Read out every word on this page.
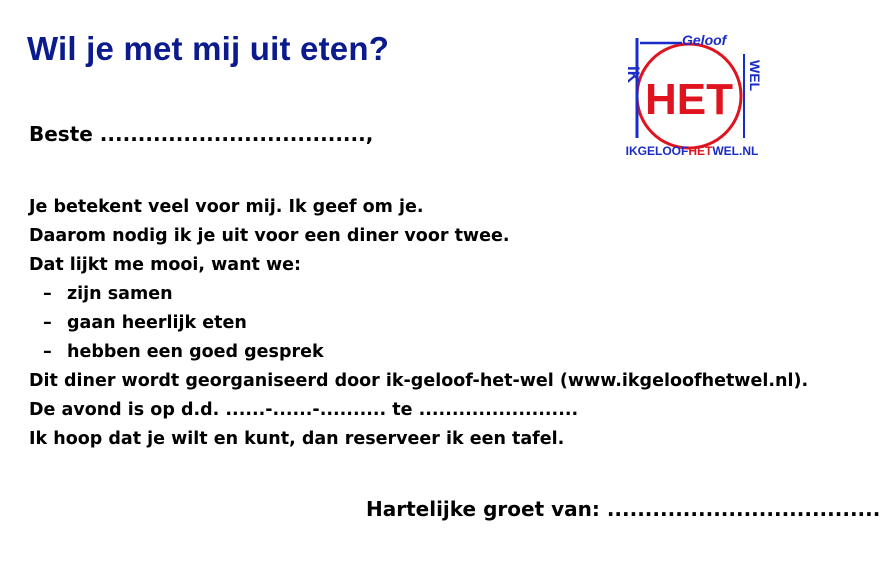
Wil je met mij uit eten?	Geloof
IK	WEL
HET
IKGELOOFHETWEL.NL
Beste ...................................,
Je betekent veel voor mij. Ik geef om je.
Daarom nodig ik je uit voor een diner voor twee.
Dat lijkt me mooi, want we:
– zijn samen
– gaan heerlijk eten
– hebben een goed gesprek
Dit diner wordt georganiseerd door ik-geloof-het-wel (www.ikgeloofhetwel.nl).
De avond is op d.d. ......-......-.......... te ........................
Ik hoop dat je wilt en kunt, dan reserveer ik een tafel.
Hartelijke groet van: ....................................
